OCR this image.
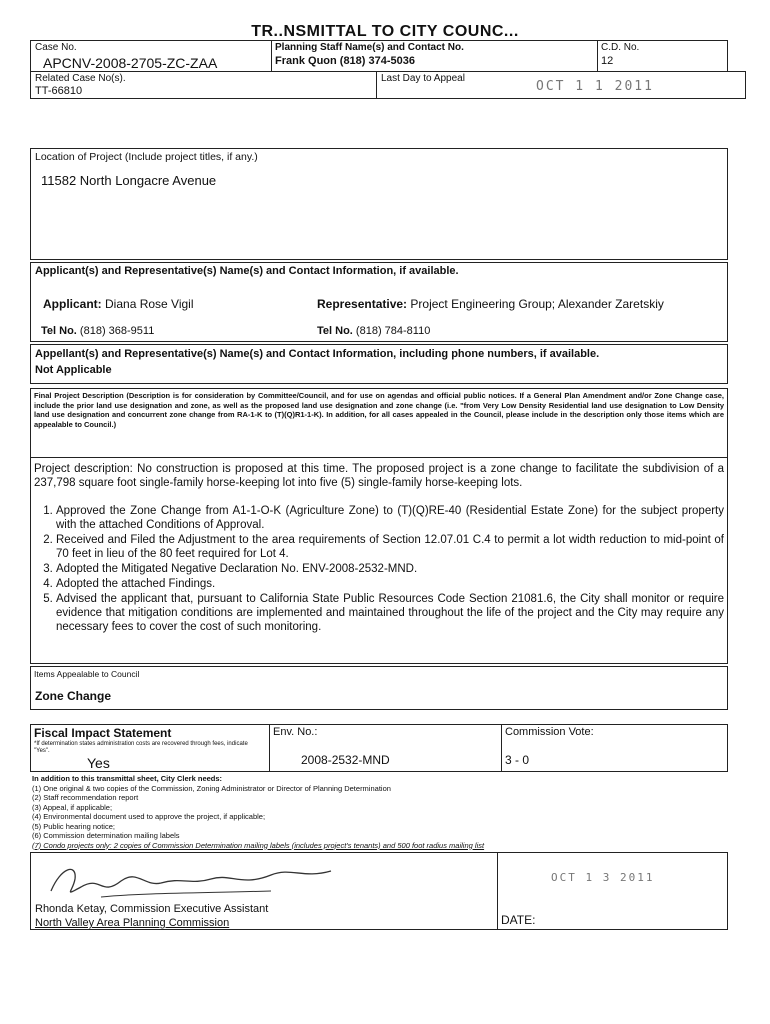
TR..NSMITTAL TO CITY COUNC...
Case No.
APCNV-2008-2705-ZC-ZAA
Planning Staff Name(s) and Contact No.
Frank Quon (818) 374-5036
C.D. No.
12
Related Case No(s).
TT-66810
Last Day to Appeal
OCT 1 1 2011
Location of Project (Include project titles, if any.)
11582 North Longacre Avenue
Applicant(s) and Representative(s) Name(s) and Contact Information, if available.
Applicant: Diana Rose Vigil	Representative: Project Engineering Group; Alexander Zaretskiy
Tel No. (818) 368-9511	Tel No. (818) 784-8110
Appellant(s) and Representative(s) Name(s) and Contact Information, including phone numbers, if available.
Not Applicable
Final Project Description (Description is for consideration by Committee/Council, and for use on agendas and official public notices. If a General Plan Amendment and/or Zone Change case, include the prior land use designation and zone, as well as the proposed land use designation and zone change (i.e. "from Very Low Density Residential land use designation to Low Density land use designation and concurrent zone change from RA-1-K to (T)(Q)R1-1-K). In addition, for all cases appealed in the Council, please include in the description only those items which are appealable to Council.)
Project description: No construction is proposed at this time. The proposed project is a zone change to facilitate the subdivision of a 237,798 square foot single-family horse-keeping lot into five (5) single-family horse-keeping lots.
1. Approved the Zone Change from A1-1-O-K (Agriculture Zone) to (T)(Q)RE-40 (Residential Estate Zone) for the subject property with the attached Conditions of Approval.
2. Received and Filed the Adjustment to the area requirements of Section 12.07.01 C.4 to permit a lot width reduction to mid-point of 70 feet in lieu of the 80 feet required for Lot 4.
3. Adopted the Mitigated Negative Declaration No. ENV-2008-2532-MND.
4. Adopted the attached Findings.
5. Advised the applicant that, pursuant to California State Public Resources Code Section 21081.6, the City shall monitor or require evidence that mitigation conditions are implemented and maintained throughout the life of the project and the City may require any necessary fees to cover the cost of such monitoring.
Items Appealable to Council
Zone Change
Fiscal Impact Statement
*If determination states administration costs are recovered through fees, indicate "Yes".
Yes
Env. No.:
2008-2532-MND
Commission Vote:
3 - 0
In addition to this transmittal sheet, City Clerk needs:
(1) One original & two copies of the Commission, Zoning Administrator or Director of Planning Determination
(2) Staff recommendation report
(3) Appeal, if applicable;
(4) Environmental document used to approve the project, if applicable;
(5) Public hearing notice;
(6) Commission determination mailing labels
(7) Condo projects only: 2 copies of Commission Determination mailing labels (includes project's tenants) and 500 foot radius mailing list
Rhonda Ketay, Commission Executive Assistant
North Valley Area Planning Commission
OCT 1 3 2011
DATE:
